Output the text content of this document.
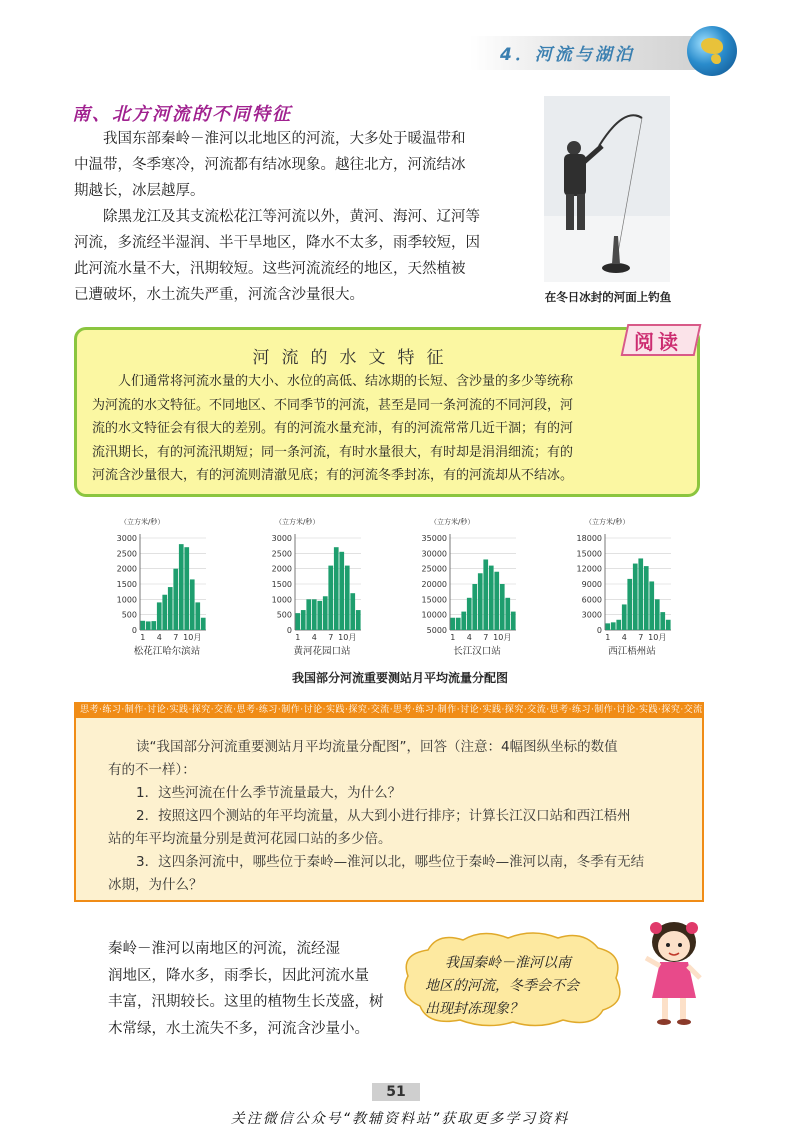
4．河流与湖泊
南、北方河流的不同特征
我国东部秦岭－淮河以北地区的河流，大多处于暖温带和
中温带，冬季寒冷，河流都有结冰现象。越往北方，河流结冰
期越长，冰层越厚。
除黑龙江及其支流松花江等河流以外，黄河、海河、辽河等
河流，多流经半湿润、半干旱地区，降水不太多，雨季较短，因
此河流水量不大，汛期较短。这些河流流经的地区，天然植被
已遭破坏，水土流失严重，河流含沙量很大。	在冬日冰封的河面上钓鱼
阅读
河流的水文特征
人们通常将河流水量的大小、水位的高低、结冰期的长短、含沙量的多少等统称
为河流的水文特征。不同地区、不同季节的河流，甚至是同一条河流的不同河段，河
流的水文特征会有很大的差别。有的河流水量充沛，有的河流常常几近干涸；有的河
流汛期长，有的河流汛期短；同一条河流，有时水量很大，有时却是涓涓细流；有的
河流含沙量很大，有的河流则清澈见底；有的河流冬季封冻，有的河流却从不结冰。
（立方米/秒）
0
500
1000
1500
2000
2500
3000
1 4 7 10月
松花江哈尔滨站
（立方米/秒）
0
500
1000
1500
2000
2500
3000
1 4 7 10月
黄河花园口站
（立方米/秒）
5000
10000
15000
20000
25000
30000
35000
1 4 7 10月
长江汉口站
（立方米/秒）
0
3000
6000
9000
12000
15000
18000
1 4 7 10月
西江梧州站
我国部分河流重要测站月平均流量分配图
思考·练习·制作·讨论·实践·探究·交流·思考·练习·制作·讨论·实践·探究·交流·思考·练习·制作·讨论·实践·探究·交流·思考·练习·制作·讨论·实践·探究·交流
读“我国部分河流重要测站月平均流量分配图”，回答（注意：4幅图纵坐标的数值
有的不一样）：
1．这些河流在什么季节流量最大，为什么？
2．按照这四个测站的年平均流量，从大到小进行排序；计算长江汉口站和西江梧州
站的年平均流量分别是黄河花园口站的多少倍。
3．这四条河流中，哪些位于秦岭—淮河以北，哪些位于秦岭—淮河以南，冬季有无结
冰期，为什么？
秦岭－淮河以南地区的河流，流经湿
润地区，降水多，雨季长，因此河流水量
丰富，汛期较长。这里的植物生长茂盛，树
木常绿，水土流失不多，河流含沙量小。
我国秦岭－淮河以南
地区的河流，冬季会不会
出现封冻现象？
51
关注微信公众号“教辅资料站”获取更多学习资料
